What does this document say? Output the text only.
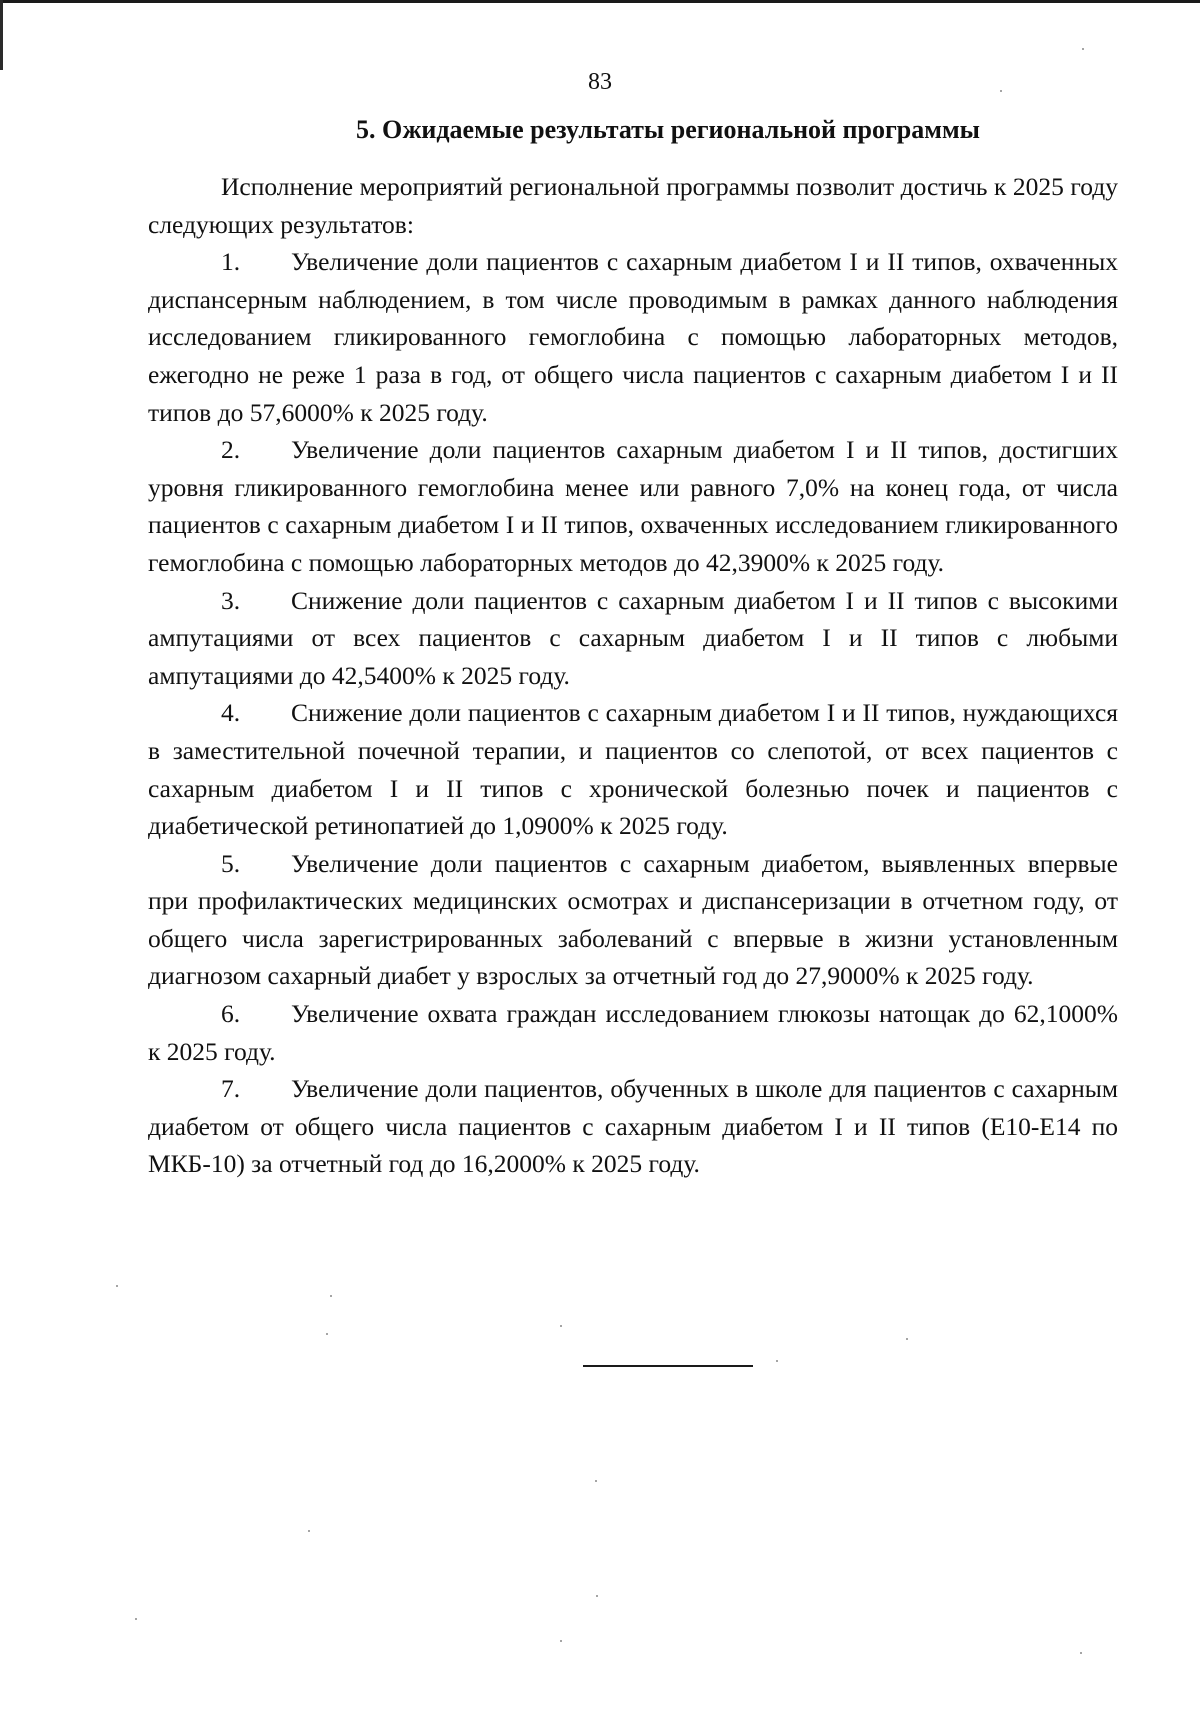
83
5. Ожидаемые результаты региональной программы

Исполнение мероприятий региональной программы позволит достичь к 2025 году следующих результатов:

1. Увеличение доли пациентов с сахарным диабетом I и II типов, охваченных диспансерным наблюдением, в том числе проводимым в рамках данного наблюдения исследованием гликированного гемоглобина с помощью лабораторных методов, ежегодно не реже 1 раза в год, от общего числа пациентов с сахарным диабетом I и II типов до 57,6000% к 2025 году.

2. Увеличение доли пациентов сахарным диабетом I и II типов, достигших уровня гликированного гемоглобина менее или равного 7,0% на конец года, от числа пациентов с сахарным диабетом I и II типов, охваченных исследованием гликированного гемоглобина с помощью лабораторных методов до 42,3900% к 2025 году.

3. Снижение доли пациентов с сахарным диабетом I и II типов с высокими ампутациями от всех пациентов с сахарным диабетом I и II типов с любыми ампутациями до 42,5400% к 2025 году.

4. Снижение доли пациентов с сахарным диабетом I и II типов, нуждающихся в заместительной почечной терапии, и пациентов со слепотой, от всех пациентов с сахарным диабетом I и II типов с хронической болезнью почек и пациентов с диабетической ретинопатией до 1,0900% к 2025 году.

5. Увеличение доли пациентов с сахарным диабетом, выявленных впервые при профилактических медицинских осмотрах и диспансеризации в отчетном году, от общего числа зарегистрированных заболеваний с впервые в жизни установленным диагнозом сахарный диабет у взрослых за отчетный год до 27,9000% к 2025 году.

6. Увеличение охвата граждан исследованием глюкозы натощак до 62,1000% к 2025 году.

7. Увеличение доли пациентов, обученных в школе для пациентов с сахарным диабетом от общего числа пациентов с сахарным диабетом I и II типов (Е10-Е14 по МКБ-10) за отчетный год до 16,2000% к 2025 году.
